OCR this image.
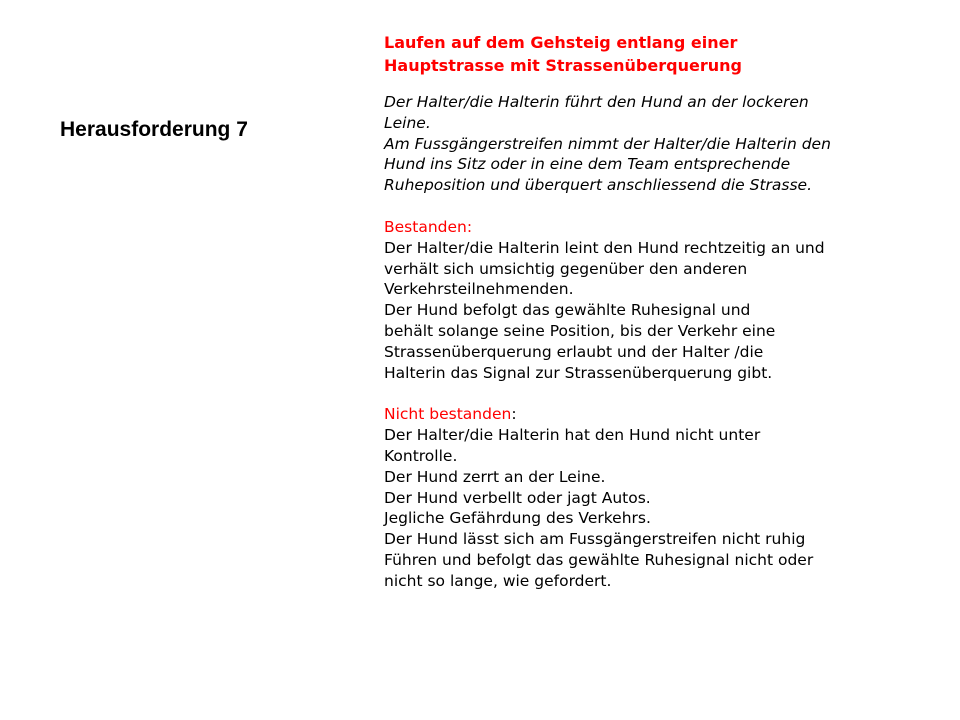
Herausforderung 7
Laufen auf dem Gehsteig entlang einer
Hauptstrasse mit Strassenüberquerung
Der Halter/die Halterin führt den Hund an der lockeren
Leine.
Am Fussgängerstreifen nimmt der Halter/die Halterin den
Hund ins Sitz oder in eine dem Team entsprechende
Ruheposition und überquert anschliessend die Strasse.
Bestanden:
Der Halter/die Halterin leint den Hund rechtzeitig an und
verhält sich umsichtig gegenüber den anderen
Verkehrsteilnehmenden.
Der Hund befolgt das gewählte Ruhesignal und
behält solange seine Position, bis der Verkehr eine
Strassenüberquerung erlaubt und der Halter /die
Halterin das Signal zur Strassenüberquerung gibt.
Nicht bestanden:
Der Halter/die Halterin hat den Hund nicht unter
Kontrolle.
Der Hund zerrt an der Leine.
Der Hund verbellt oder jagt Autos.
Jegliche Gefährdung des Verkehrs.
Der Hund lässt sich am Fussgängerstreifen nicht ruhig
Führen und befolgt das gewählte Ruhesignal nicht oder
nicht so lange, wie gefordert.
